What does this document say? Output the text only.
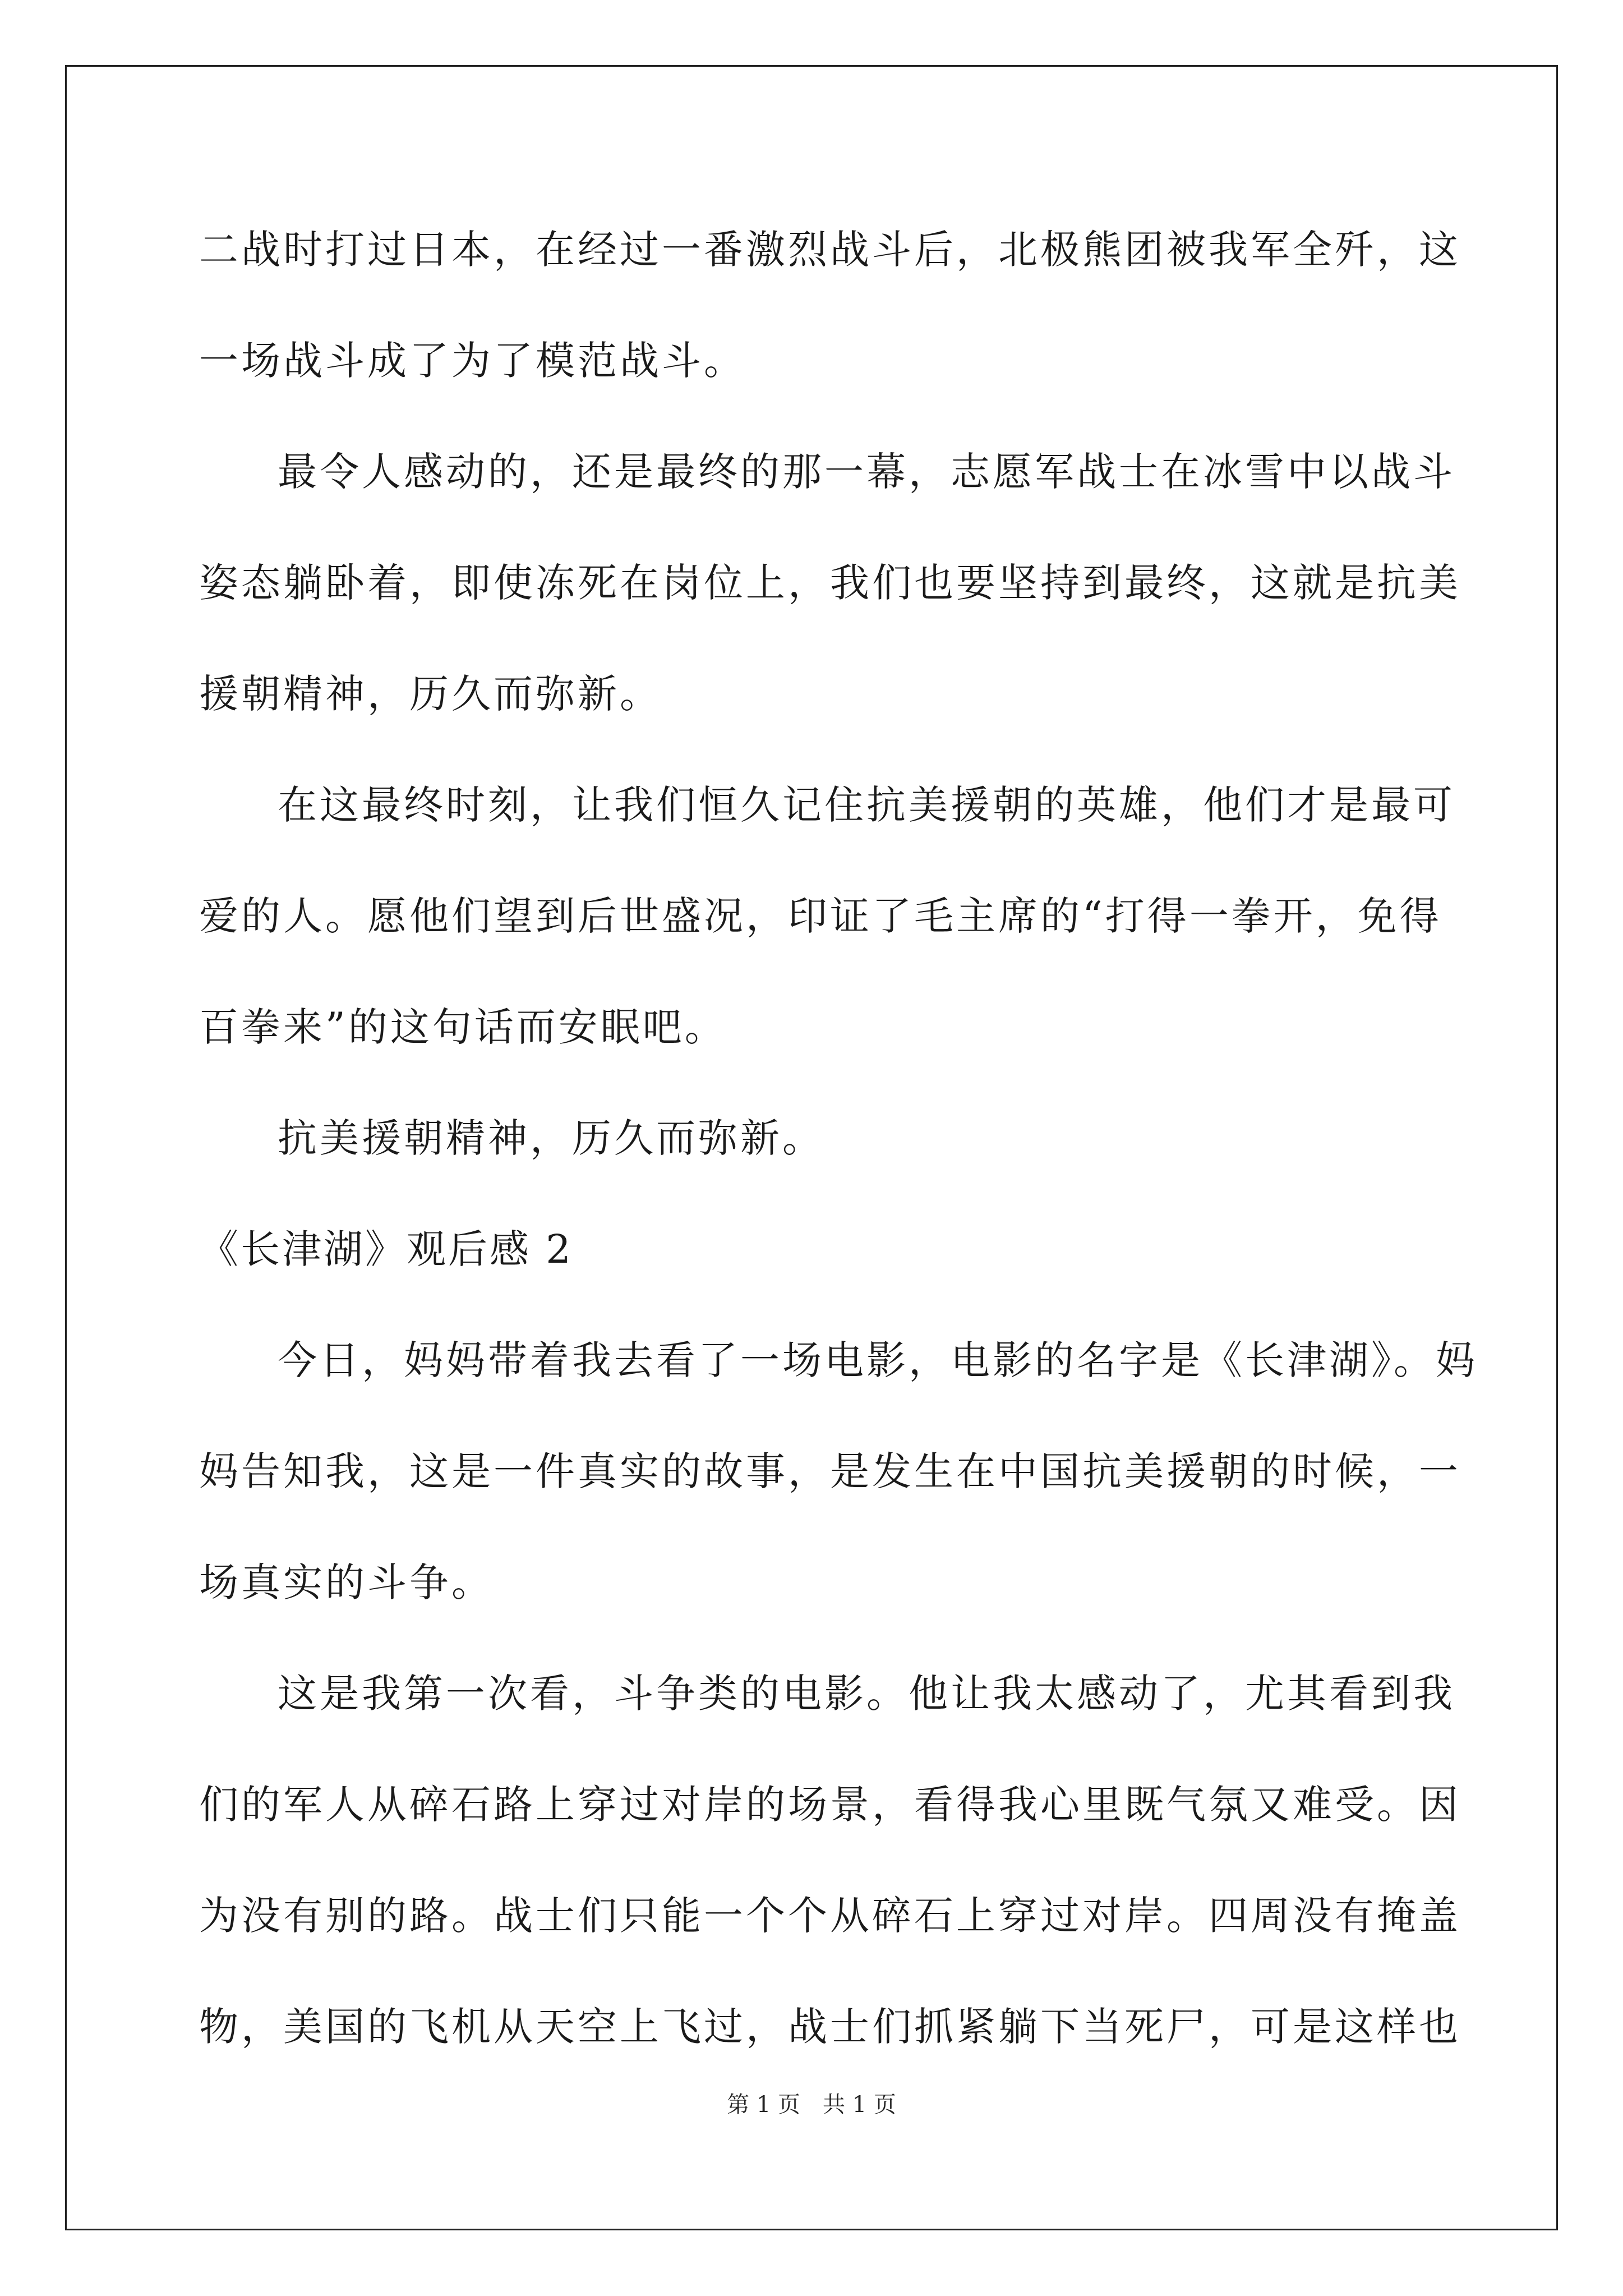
二战时打过日本，在经过一番激烈战斗后，北极熊团被我军全歼，这
一场战斗成了为了模范战斗。
最令人感动的，还是最终的那一幕，志愿军战士在冰雪中以战斗
姿态躺卧着，即使冻死在岗位上，我们也要坚持到最终，这就是抗美
援朝精神，历久而弥新。
在这最终时刻，让我们恒久记住抗美援朝的英雄，他们才是最可
爱的人。愿他们望到后世盛况，印证了毛主席的“打得一拳开，免得
百拳来”的这句话而安眠吧。
抗美援朝精神，历久而弥新。
《长津湖》观后感 2
今日，妈妈带着我去看了一场电影，电影的名字是《长津湖》。妈
妈告知我，这是一件真实的故事，是发生在中国抗美援朝的时候，一
场真实的斗争。
这是我第一次看，斗争类的电影。他让我太感动了，尤其看到我
们的军人从碎石路上穿过对岸的场景，看得我心里既气氛又难受。因
为没有别的路。战士们只能一个个从碎石上穿过对岸。四周没有掩盖
物，美国的飞机从天空上飞过，战士们抓紧躺下当死尸，可是这样也
第 1 页　共 1 页
